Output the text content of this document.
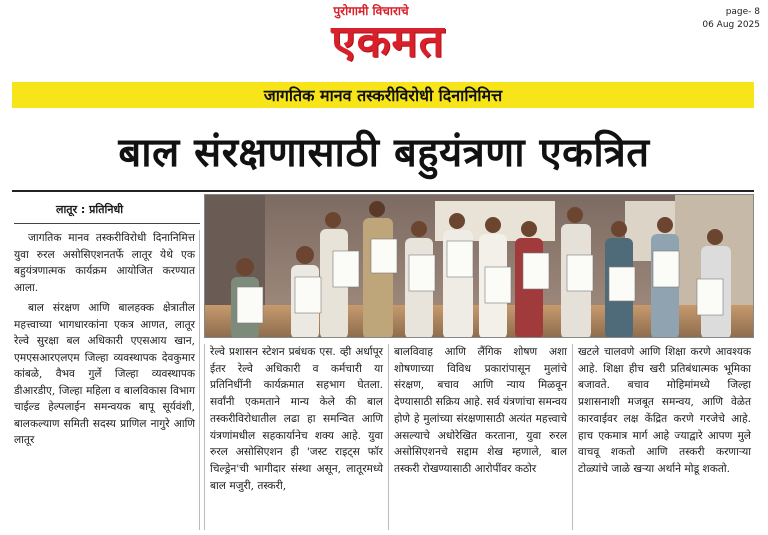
पुरोगामी विचाराचे
एकमत
page- 8
06 Aug 2025
जागतिक मानव तस्करीविरोधी दिनानिमित्त
बाल संरक्षणासाठी बहुयंत्रणा एकत्रित
लातूर : प्रतिनिधी

जागतिक मानव तस्करीविरोधी दिनानिमित्त युवा रुरल असोसिएशनतर्फे लातूर येथे एक बहुयंत्रणात्मक कार्यक्रम आयोजित करण्यात आला.

बाल संरक्षण आणि बालहक्क क्षेत्रातील महत्त्वाच्या भागधारकांना एकत्र आणत, लातूर रेल्वे सुरक्षा बल अधिकारी एएसआय खान, एमएसआरएलएम जिल्हा व्यवस्थापक देवकुमार कांबळे, वैभव गुर्ले जिल्हा व्यवस्थापक डीआरडीए, जिल्हा महिला व बालविकास विभाग चाईल्ड हेल्पलाईन समन्वयक बापू सूर्यवंशी, बालकल्याण समिती सदस्य प्राणिल नागुरे आणि लातूर

रेल्वे प्रशासन स्टेशन प्रबंधक एस. व्ही अर्धापूर ईतर रेल्वे अधिकारी व कर्मचारी या प्रतिनिधींनी कार्यक्रमात सहभाग घेतला. सर्वांनी एकमताने मान्य केले की बाल तस्करीविरोधातील लढा हा समन्वित आणि यंत्रणांमधील सहकार्यानेच शक्य आहे. युवा रुरल असोसिएशन ही 'जस्ट राइट्स फॉर चिल्ड्रेन'ची भागीदार संस्था असून, लातूरमध्ये बाल मजुरी, तस्करी,

बालविवाह आणि लैंगिक शोषण अशा शोषणाच्या विविध प्रकारांपासून मुलांचे संरक्षण, बचाव आणि न्याय मिळवून देण्यासाठी सक्रिय आहे. सर्व यंत्रणांचा समन्वय होणे हे मुलांच्या संरक्षणासाठी अत्यंत महत्त्वाचे असल्याचे अधोरेखित करताना, युवा रुरल असोसिएशनचे सद्दाम शेख म्हणाले, बाल तस्करी रोखण्यासाठी आरोपींवर कठोर

खटले चालवणे आणि शिक्षा करणे आवश्यक आहे. शिक्षा हीच खरी प्रतिबंधात्मक भूमिका बजावते. बचाव मोहिमांमध्ये जिल्हा प्रशासनाशी मजबूत समन्वय, आणि वेळेत कारवाईवर लक्ष केंद्रित करणे गरजेचे आहे. हाच एकमात्र मार्ग आहे ज्याद्वारे आपण मुले वाचवू शकतो आणि तस्करी करणाऱ्या टोळ्यांचे जाळे खऱ्या अर्थाने मोडू शकतो.
